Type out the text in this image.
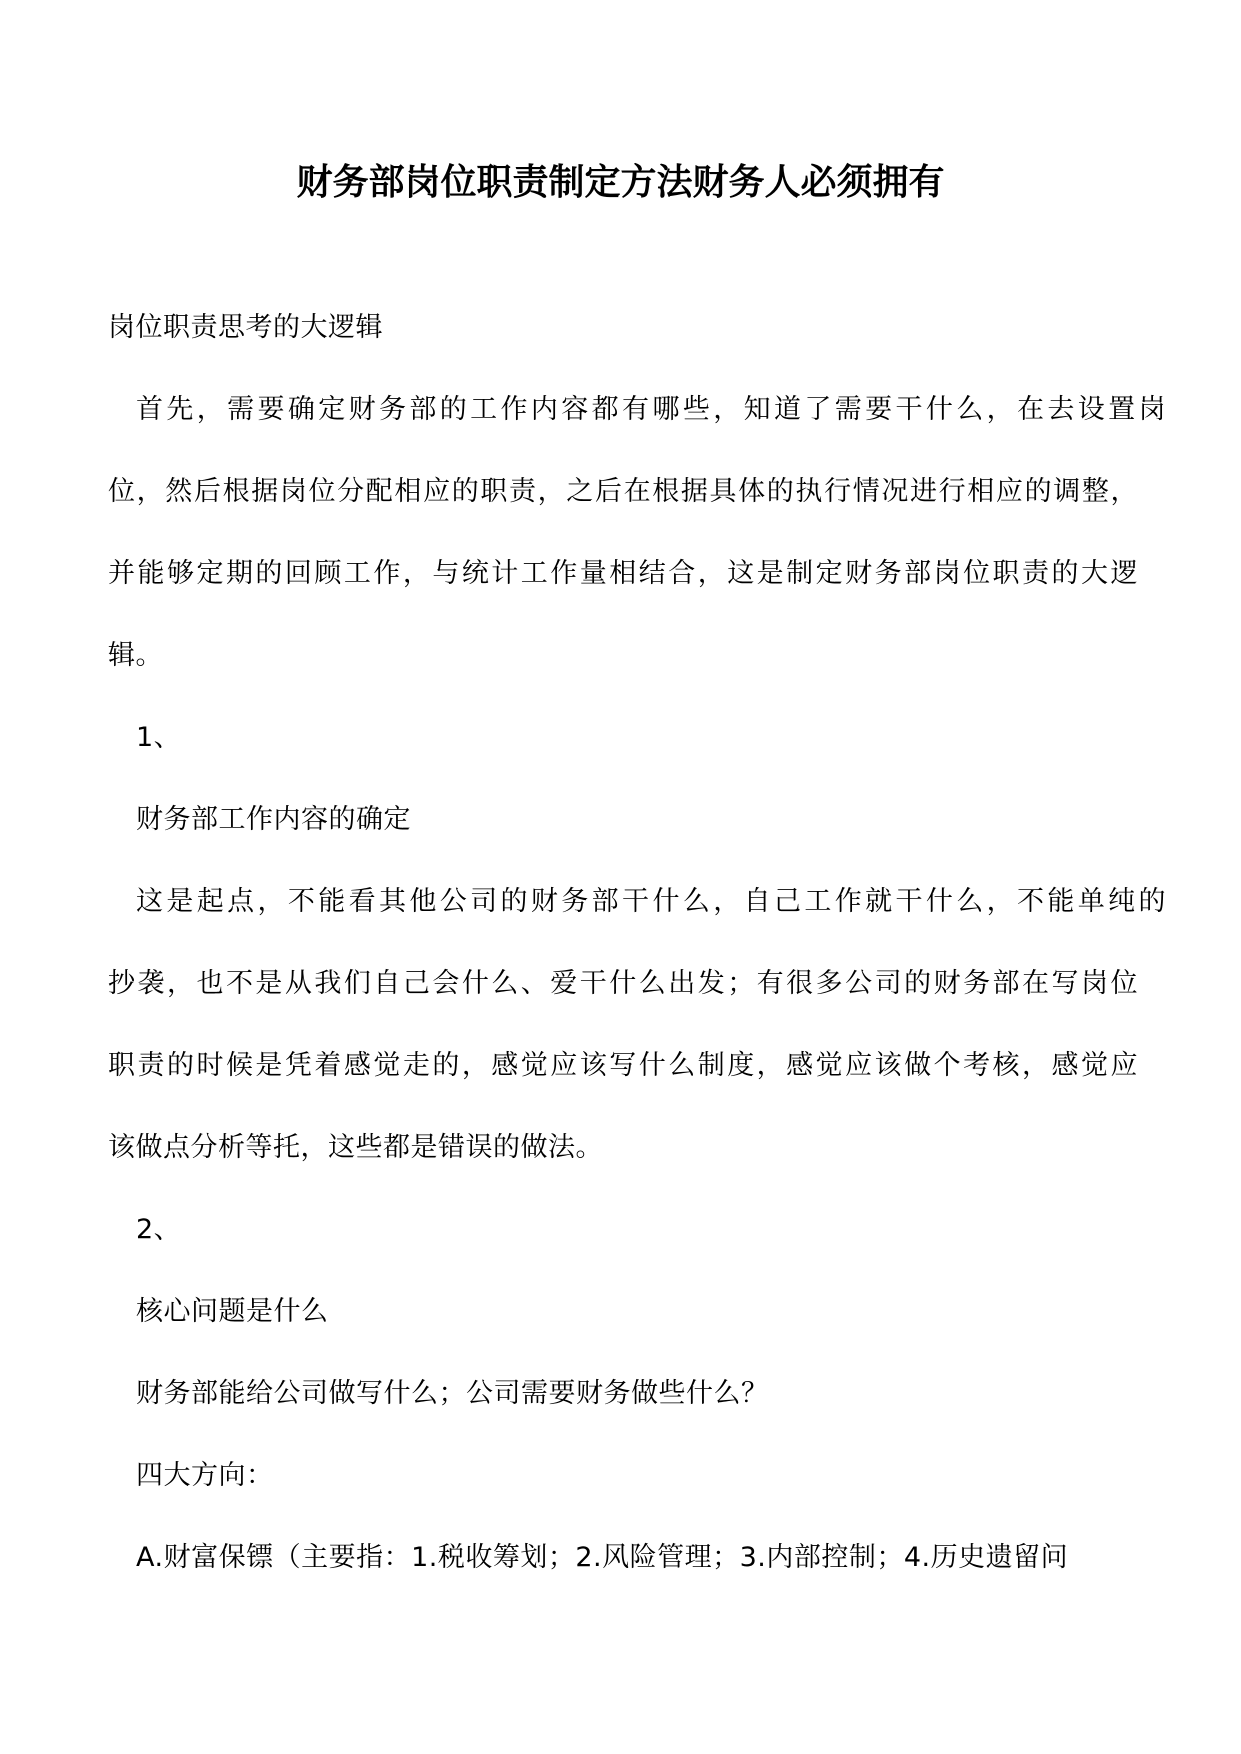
财务部岗位职责制定方法财务人必须拥有
岗位职责思考的大逻辑
首先，需要确定财务部的工作内容都有哪些，知道了需要干什么，在去设置岗
位，然后根据岗位分配相应的职责，之后在根据具体的执行情况进行相应的调整，
并能够定期的回顾工作，与统计工作量相结合，这是制定财务部岗位职责的大逻
辑。
1、
财务部工作内容的确定
这是起点，不能看其他公司的财务部干什么，自己工作就干什么，不能单纯的
抄袭，也不是从我们自己会什么、爱干什么出发；有很多公司的财务部在写岗位
职责的时候是凭着感觉走的，感觉应该写什么制度，感觉应该做个考核，感觉应
该做点分析等托，这些都是错误的做法。
2、
核心问题是什么
财务部能给公司做写什么；公司需要财务做些什么？
四大方向：
A.财富保镖（主要指：1.税收筹划；2.风险管理；3.内部控制；4.历史遗留问
